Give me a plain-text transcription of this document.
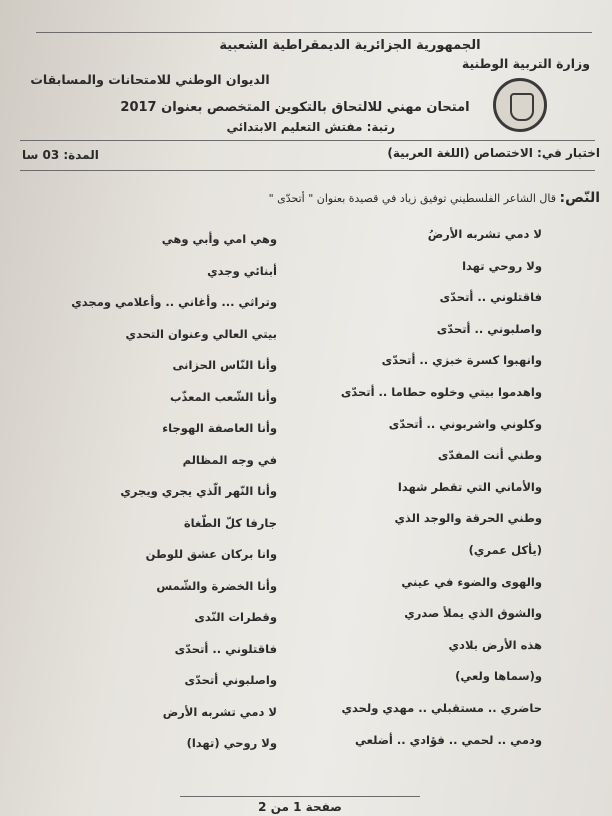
الجمهورية الجزائرية الديمقراطية الشعبية
وزارة التربية الوطنية
الديوان الوطني للامتحانات والمسابقات
امتحان مهني للالتحاق بالتكوين المتخصص بعنوان 2017
رتبة: مفتش التعليم الابتدائي
اختبار في: الاختصاص (اللغة العربية)
المدة: 03 سا
النّص: قال الشاعر الفلسطيني توفيق زياد في قصيدة بعنوان " أتحدّى "
لا دمي تشربه الأرضُ
ولا روحي تهدا
فاقتلوني .. أتحدّى
واصلبوني .. أتحدّى
وانهبوا كسرة خبزي .. أتحدّى
واهدموا بيتي وخلوه حطاما .. أتحدّى
وكلوني واشربوني .. أتحدّى
وطني أنت المفدّى
والأماني التي تقطر شهدا
وطني الحرقة والوجد الذي
(يأكل عمري)
والهوى والضوء في عيني
والشوق الذي يملأ صدري
هذه الأرض بلادي
و(سماها ولعي)
حاضري .. مستقبلي .. مهدي ولحدي
ودمي .. لحمي .. فؤادي .. أضلعي
وهي امي وأبي وهي
أبنائي وجدي
وتراثي ... وأغاني .. وأعلامي ومجدي
بيتي العالي وعنوان التحدي
وأنا النّاس الحزانى
وأنا الشّعب المعذّب
وأنا العاصفة الهوجاء
في وجه المظالم
وأنا النّهر الّذي يجري ويجري
جارفا كلّ الطّغاة
وانا بركان عشق للوطن
وأنا الخضرة والشّمس
وقطرات النّدى
فاقتلوني .. أتحدّى
واصلبوني أتحدّى
لا دمي تشربه الأرض
ولا روحي (تهدا)
صفحة 1 من 2
